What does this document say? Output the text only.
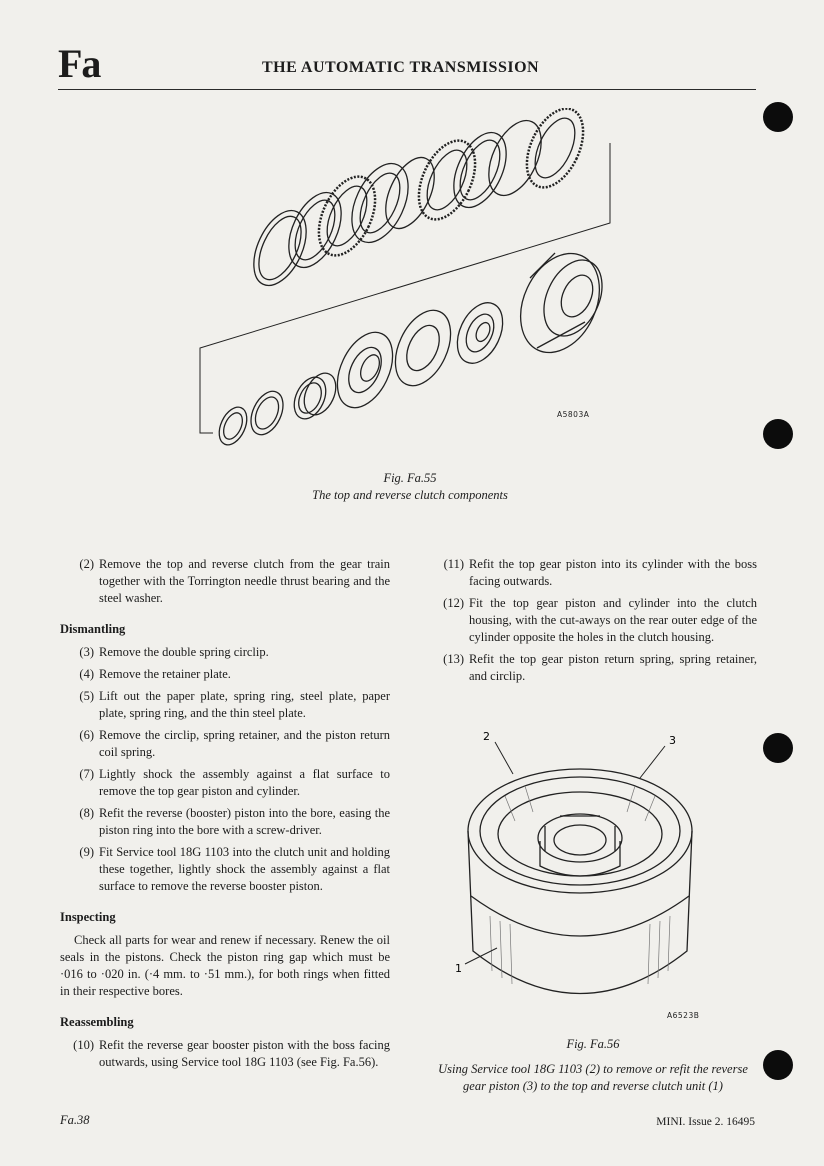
Fa	THE AUTOMATIC TRANSMISSION
A5803A
Fig. Fa.55
The top and reverse clutch components
(2) Remove the top and reverse clutch from the gear train together with the Torrington needle thrust bearing and the steel washer.
Dismantling
(3) Remove the double spring circlip.
(4) Remove the retainer plate.
(5) Lift out the paper plate, spring ring, steel plate, paper plate, spring ring, and the thin steel plate.
(6) Remove the circlip, spring retainer, and the piston return coil spring.
(7) Lightly shock the assembly against a flat surface to remove the top gear piston and cylinder.
(8) Refit the reverse (booster) piston into the bore, easing the piston ring into the bore with a screw-driver.
(9) Fit Service tool 18G 1103 into the clutch unit and holding these together, lightly shock the assembly against a flat surface to remove the reverse booster piston.
Inspecting
Check all parts for wear and renew if necessary. Renew the oil seals in the pistons. Check the piston ring gap which must be ·016 to ·020 in. (·4 mm. to ·51 mm.), for both rings when fitted in their respective bores.
Reassembling
(10) Refit the reverse gear booster piston with the boss facing outwards, using Service tool 18G 1103 (see Fig. Fa.56).
(11) Refit the top gear piston into its cylinder with the boss facing outwards.
(12) Fit the top gear piston and cylinder into the clutch housing, with the cut-aways on the rear outer edge of the cylinder opposite the holes in the clutch housing.
(13) Refit the top gear piston return spring, spring retainer, and circlip.
2	3
1
A6523B
Fig. Fa.56
Using Service tool 18G 1103 (2) to remove or refit the reverse gear piston (3) to the top and reverse clutch unit (1)
Fa.38	MINI. Issue 2. 16495
